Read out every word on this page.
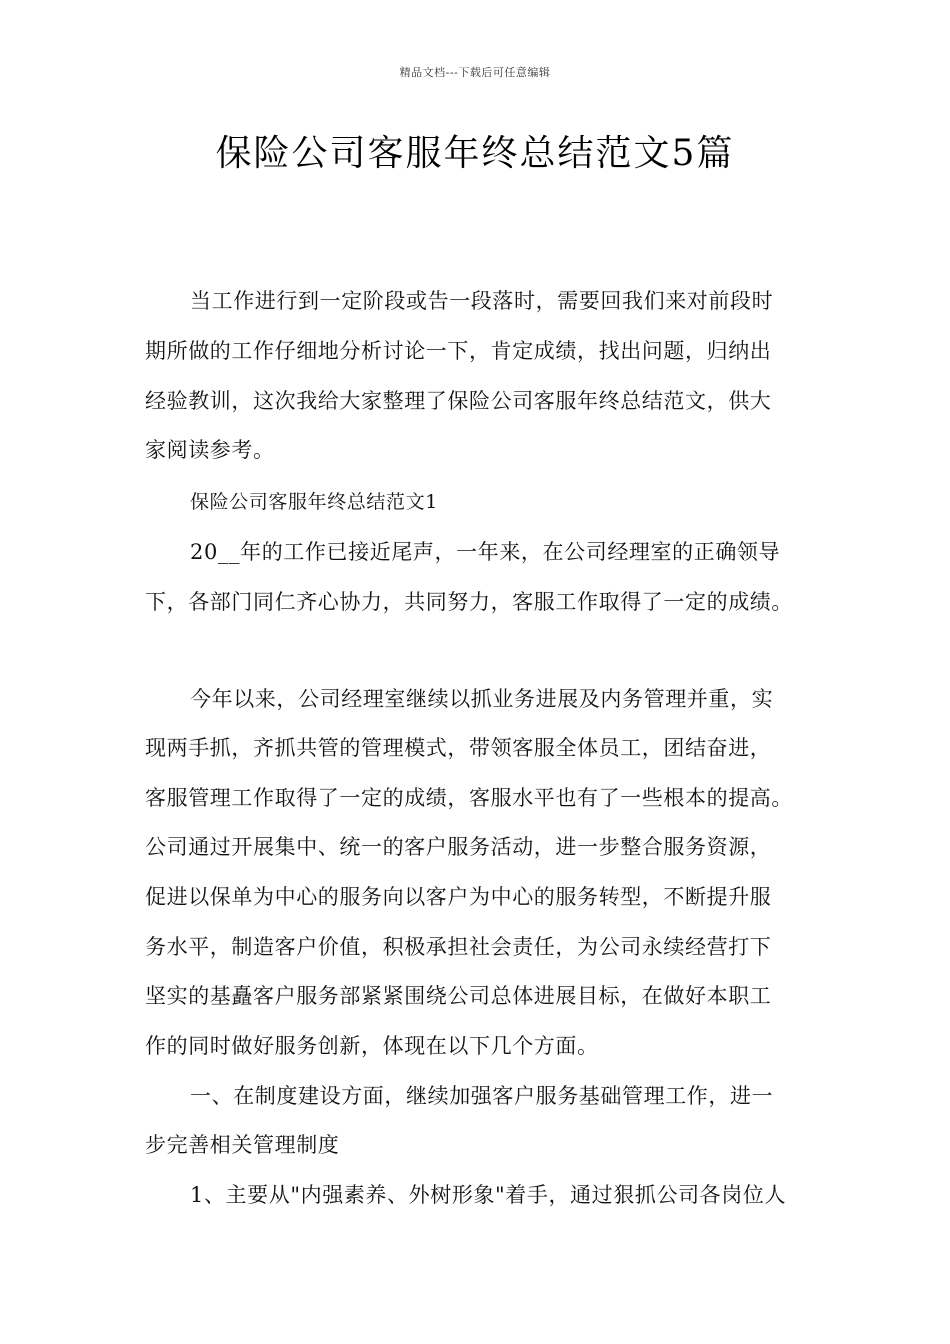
精品文档---下载后可任意编辑
保险公司客服年终总结范文5篇
当工作进行到一定阶段或告一段落时，需要回我们来对前段时
期所做的工作仔细地分析讨论一下，肯定成绩，找出问题，归纳出
经验教训，这次我给大家整理了保险公司客服年终总结范文，供大
家阅读参考。
保险公司客服年终总结范文1
20__年的工作已接近尾声，一年来，在公司经理室的正确领导
下，各部门同仁齐心协力，共同努力，客服工作取得了一定的成绩。
今年以来，公司经理室继续以抓业务进展及内务管理并重，实
现两手抓，齐抓共管的管理模式，带领客服全体员工，团结奋进，
客服管理工作取得了一定的成绩，客服水平也有了一些根本的提高。
公司通过开展集中、统一的客户服务活动，进一步整合服务资源，
促进以保单为中心的服务向以客户为中心的服务转型，不断提升服
务水平，制造客户价值，积极承担社会责任，为公司永续经营打下
坚实的基矗客户服务部紧紧围绕公司总体进展目标，在做好本职工
作的同时做好服务创新，体现在以下几个方面。
一、在制度建设方面，继续加强客户服务基础管理工作，进一
步完善相关管理制度
1、主要从"内强素养、外树形象"着手，通过狠抓公司各岗位人
